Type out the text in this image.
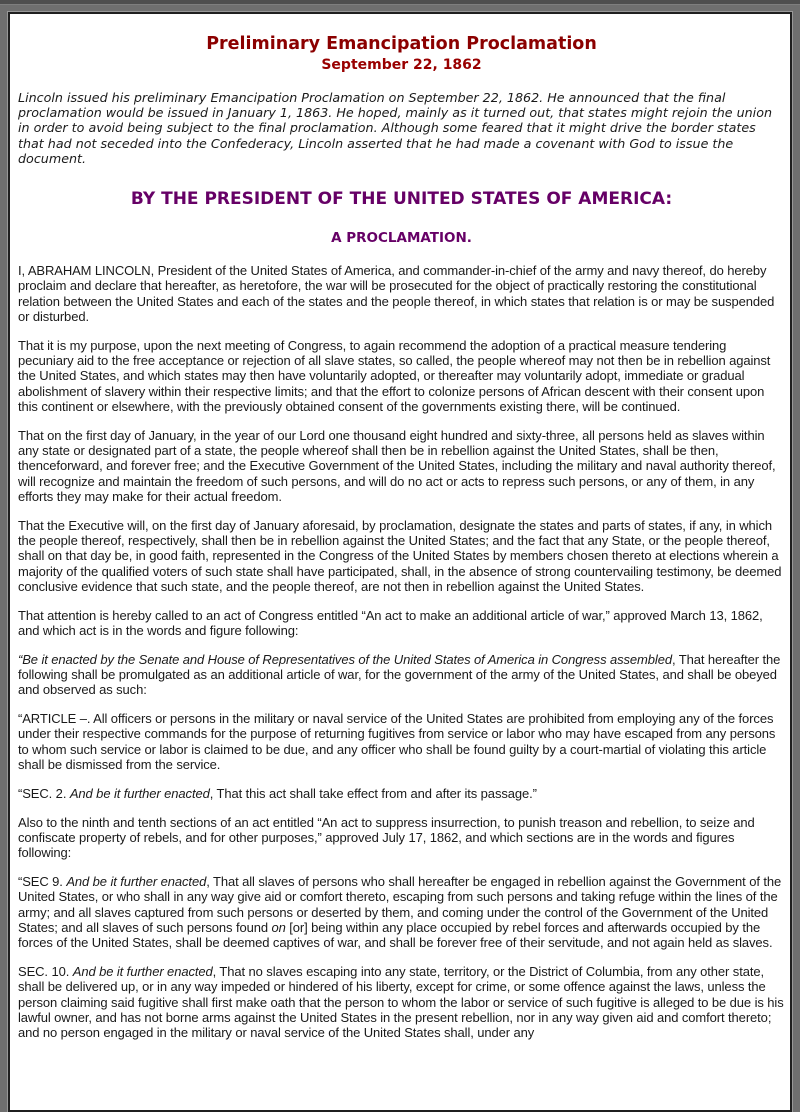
Preliminary Emancipation Proclamation
September 22, 1862

Lincoln issued his preliminary Emancipation Proclamation on September 22, 1862. He announced that the final proclamation would be issued in January 1, 1863. He hoped, mainly as it turned out, that states might rejoin the union in order to avoid being subject to the final proclamation. Although some feared that it might drive the border states that had not seceded into the Confederacy, Lincoln asserted that he had made a covenant with God to issue the document.

BY THE PRESIDENT OF THE UNITED STATES OF AMERICA:
A PROCLAMATION.

I, ABRAHAM LINCOLN, President of the United States of America, and commander-in-chief of the army and navy thereof, do hereby proclaim and declare that hereafter, as heretofore, the war will be prosecuted for the object of practically restoring the constitutional relation between the United States and each of the states and the people thereof, in which states that relation is or may be suspended or disturbed.

That it is my purpose, upon the next meeting of Congress, to again recommend the adoption of a practical measure tendering pecuniary aid to the free acceptance or rejection of all slave states, so called, the people whereof may not then be in rebellion against the United States, and which states may then have voluntarily adopted, or thereafter may voluntarily adopt, immediate or gradual abolishment of slavery within their respective limits; and that the effort to colonize persons of African descent with their consent upon this continent or elsewhere, with the previously obtained consent of the governments existing there, will be continued.

That on the first day of January, in the year of our Lord one thousand eight hundred and sixty-three, all persons held as slaves within any state or designated part of a state, the people whereof shall then be in rebellion against the United States, shall be then, thenceforward, and forever free; and the Executive Government of the United States, including the military and naval authority thereof, will recognize and maintain the freedom of such persons, and will do no act or acts to repress such persons, or any of them, in any efforts they may make for their actual freedom.

That the Executive will, on the first day of January aforesaid, by proclamation, designate the states and parts of states, if any, in which the people thereof, respectively, shall then be in rebellion against the United States; and the fact that any State, or the people thereof, shall on that day be, in good faith, represented in the Congress of the United States by members chosen thereto at elections wherein a majority of the qualified voters of such state shall have participated, shall, in the absence of strong countervailing testimony, be deemed conclusive evidence that such state, and the people thereof, are not then in rebellion against the United States.

That attention is hereby called to an act of Congress entitled “An act to make an additional article of war,” approved March 13, 1862, and which act is in the words and figure following:

“Be it enacted by the Senate and House of Representatives of the United States of America in Congress assembled, That hereafter the following shall be promulgated as an additional article of war, for the government of the army of the United States, and shall be obeyed and observed as such:

“ARTICLE –. All officers or persons in the military or naval service of the United States are prohibited from employing any of the forces under their respective commands for the purpose of returning fugitives from service or labor who may have escaped from any persons to whom such service or labor is claimed to be due, and any officer who shall be found guilty by a court-martial of violating this article shall be dismissed from the service.

“SEC. 2. And be it further enacted, That this act shall take effect from and after its passage.”

Also to the ninth and tenth sections of an act entitled “An act to suppress insurrection, to punish treason and rebellion, to seize and confiscate property of rebels, and for other purposes,” approved July 17, 1862, and which sections are in the words and figures following:

“SEC 9. And be it further enacted, That all slaves of persons who shall hereafter be engaged in rebellion against the Government of the United States, or who shall in any way give aid or comfort thereto, escaping from such persons and taking refuge within the lines of the army; and all slaves captured from such persons or deserted by them, and coming under the control of the Government of the United States; and all slaves of such persons found on [or] being within any place occupied by rebel forces and afterwards occupied by the forces of the United States, shall be deemed captives of war, and shall be forever free of their servitude, and not again held as slaves.

SEC. 10. And be it further enacted, That no slaves escaping into any state, territory, or the District of Columbia, from any other state, shall be delivered up, or in any way impeded or hindered of his liberty, except for crime, or some offence against the laws, unless the person claiming said fugitive shall first make oath that the person to whom the labor or service of such fugitive is alleged to be due is his lawful owner, and has not borne arms against the United States in the present rebellion, nor in any way given aid and comfort thereto; and no person engaged in the military or naval service of the United States shall, under any
